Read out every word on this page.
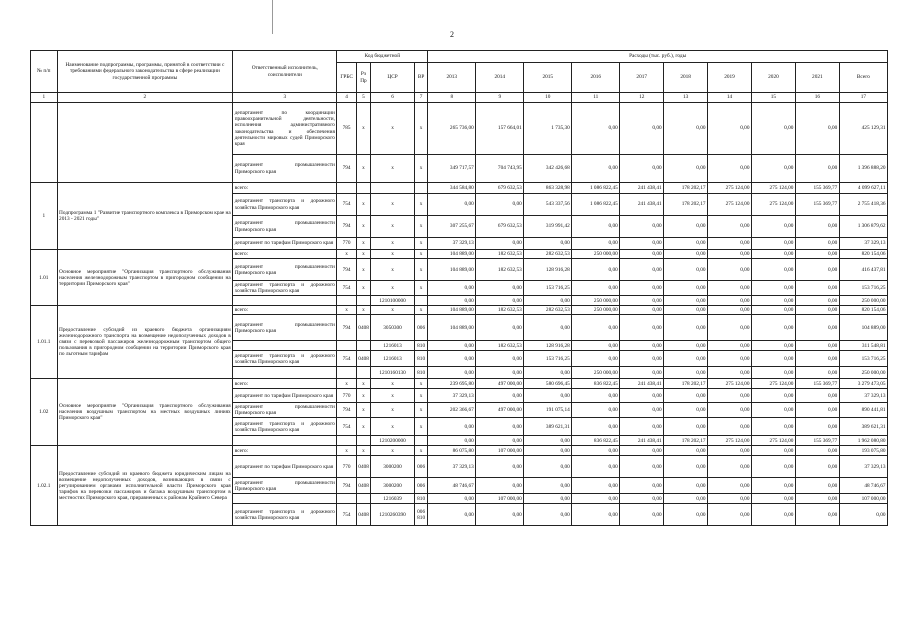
2
№ п/п	Наименование подпрограммы, программы, принятой в соответствии с требованиями федерального законодательства в сфере реализации государственной программы	Ответственный исполнитель, соисполнители	Код бюджетной				Расходы (тыс. руб.), годы									
			ГРБС	Рз Пр	ЦСР	ВР	2013	2014	2015	2016	2017	2018	2019	2020	2021	Всего
1	2	3	4	5	6	7	8	9	10	11	12	13	14	15	16	17
		департамент по координации правоохранительной деятельности, исполнения административного законодательства и обеспечения деятельности мировых судей Приморского края	785	х	х	х	265 736,00	157 664,01	1 735,30	0,00	0,00	0,00	0,00	0,00	0,00	425 129,31
		департамент промышленности Приморского края	794	х	х	х	349 717,57	704 743,95	342 426,68	0,00	0,00	0,00	0,00	0,00	0,00	1 396 888,20
1	Подпрограмма 1 "Развитие транспортного комплекса в Приморском крае на 2013 - 2021 годы"	всего:					344 584,80	679 632,53	863 328,98	1 086 822,45	241 438,41	178 202,17	275 124,00	275 124,00	155 369,77	4 099 627,11
		департамент транспорта и дорожного хозяйства Приморского края	754	х	х	х	0,00	0,00	543 337,56	1 086 822,45	241 438,41	178 202,17	275 124,00	275 124,00	155 369,77	2 755 418,36
		департамент промышленности Приморского края	794	х	х	х	307 255,67	679 632,53	319 991,42	0,00	0,00	0,00	0,00	0,00	0,00	1 306 879,62
		департамент по тарифам Приморского края	770	х	х	х	37 329,13	0,00	0,00	0,00	0,00	0,00	0,00	0,00	0,00	37 329,13
1.01	Основное мероприятие "Организация транспортного обслуживания населения железнодорожным транспортом в пригородном сообщении на территории Приморского края"	всего:	х	х	х	х	104 889,00	182 632,53	282 632,53	250 000,00	0,00	0,00	0,00	0,00	0,00	820 154,06
		департамент промышленности Приморского края	794	х	х	х	104 889,00	182 632,53	128 916,28	0,00	0,00	0,00	0,00	0,00	0,00	416 437,81
		департамент транспорта и дорожного хозяйства Приморского края	754	х	х	х	0,00	0,00	153 716,25	0,00	0,00	0,00	0,00	0,00	0,00	153 716,25
					1210100000		0,00	0,00	0,00	250 000,00	0,00	0,00	0,00	0,00	0,00	250 000,00
1.01.1	Предоставление субсидий из краевого бюджета организациям железнодорожного транспорта на возмещение недополученных доходов в связи с перевозкой пассажиров железнодорожным транспортом общего пользования в пригородном сообщении на территории Приморского края по льготным тарифам	всего:	х	х	х	х	104 889,00	182 632,53	282 632,53	250 000,00	0,00	0,00	0,00	0,00	0,00	820 154,06
		департамент промышленности Приморского края	794	0408	3050300	006	104 889,00	0,00	0,00	0,00	0,00	0,00	0,00	0,00	0,00	104 889,00
					1216013	810	0,00	182 632,53	128 916,28	0,00	0,00	0,00	0,00	0,00	0,00	311 548,81
		департамент транспорта и дорожного хозяйства Приморского края	754	0408	1216013	810	0,00	0,00	153 716,25	0,00	0,00	0,00	0,00	0,00	0,00	153 716,25
					1210160130	810	0,00	0,00	0,00	250 000,00	0,00	0,00	0,00	0,00	0,00	250 000,00
1.02	Основное мероприятие "Организация транспортного обслуживания населения воздушным транспортом на местных воздушных линиях Приморского края"	всего:	х	х	х	х	239 695,80	497 000,00	580 696,45	836 822,45	241 438,41	178 202,17	275 124,00	275 124,00	155 369,77	3 279 473,05
		департамент по тарифам Приморского края	770	х	х	х	37 329,13	0,00	0,00	0,00	0,00	0,00	0,00	0,00	0,00	37 329,13
		департамент промышленности Приморского края	794	х	х	х	202 366,67	497 000,00	191 075,14	0,00	0,00	0,00	0,00	0,00	0,00	890 441,81
		департамент транспорта и дорожного хозяйства Приморского края	754	х	х	х	0,00	0,00	389 621,31	0,00	0,00	0,00	0,00	0,00	0,00	389 621,31
					1210200000		0,00	0,00	0,00	836 822,45	241 438,41	178 202,17	275 124,00	275 124,00	155 369,77	1 962 080,80
1.02.1	Предоставление субсидий из краевого бюджета юридическим лицам на возмещение недополученных доходов, возникающих в связи с регулированием органами исполнительной власти Приморского края тарифов на перевозки пассажиров и багажа воздушным транспортом в местностях Приморского края, приравненных к районам Крайнего Севера	всего:	х	х	х	х	86 075,80	107 000,00	0,00	0,00	0,00	0,00	0,00	0,00	0,00	193 075,80
		департамент по тарифам Приморского края	770	0408	3000200	006	37 329,13	0,00	0,00	0,00	0,00	0,00	0,00	0,00	0,00	37 329,13
		департамент промышленности Приморского края	794	0408	3000200	006	48 746,67	0,00	0,00	0,00	0,00	0,00	0,00	0,00	0,00	48 746,67
					1216039	810	0,00	107 000,00	0,00	0,00	0,00	0,00	0,00	0,00	0,00	107 000,00
		департамент транспорта и дорожного хозяйства Приморского края	754	0408	1210260390	006 810	0,00	0,00	0,00	0,00	0,00	0,00	0,00	0,00	0,00	0,00
